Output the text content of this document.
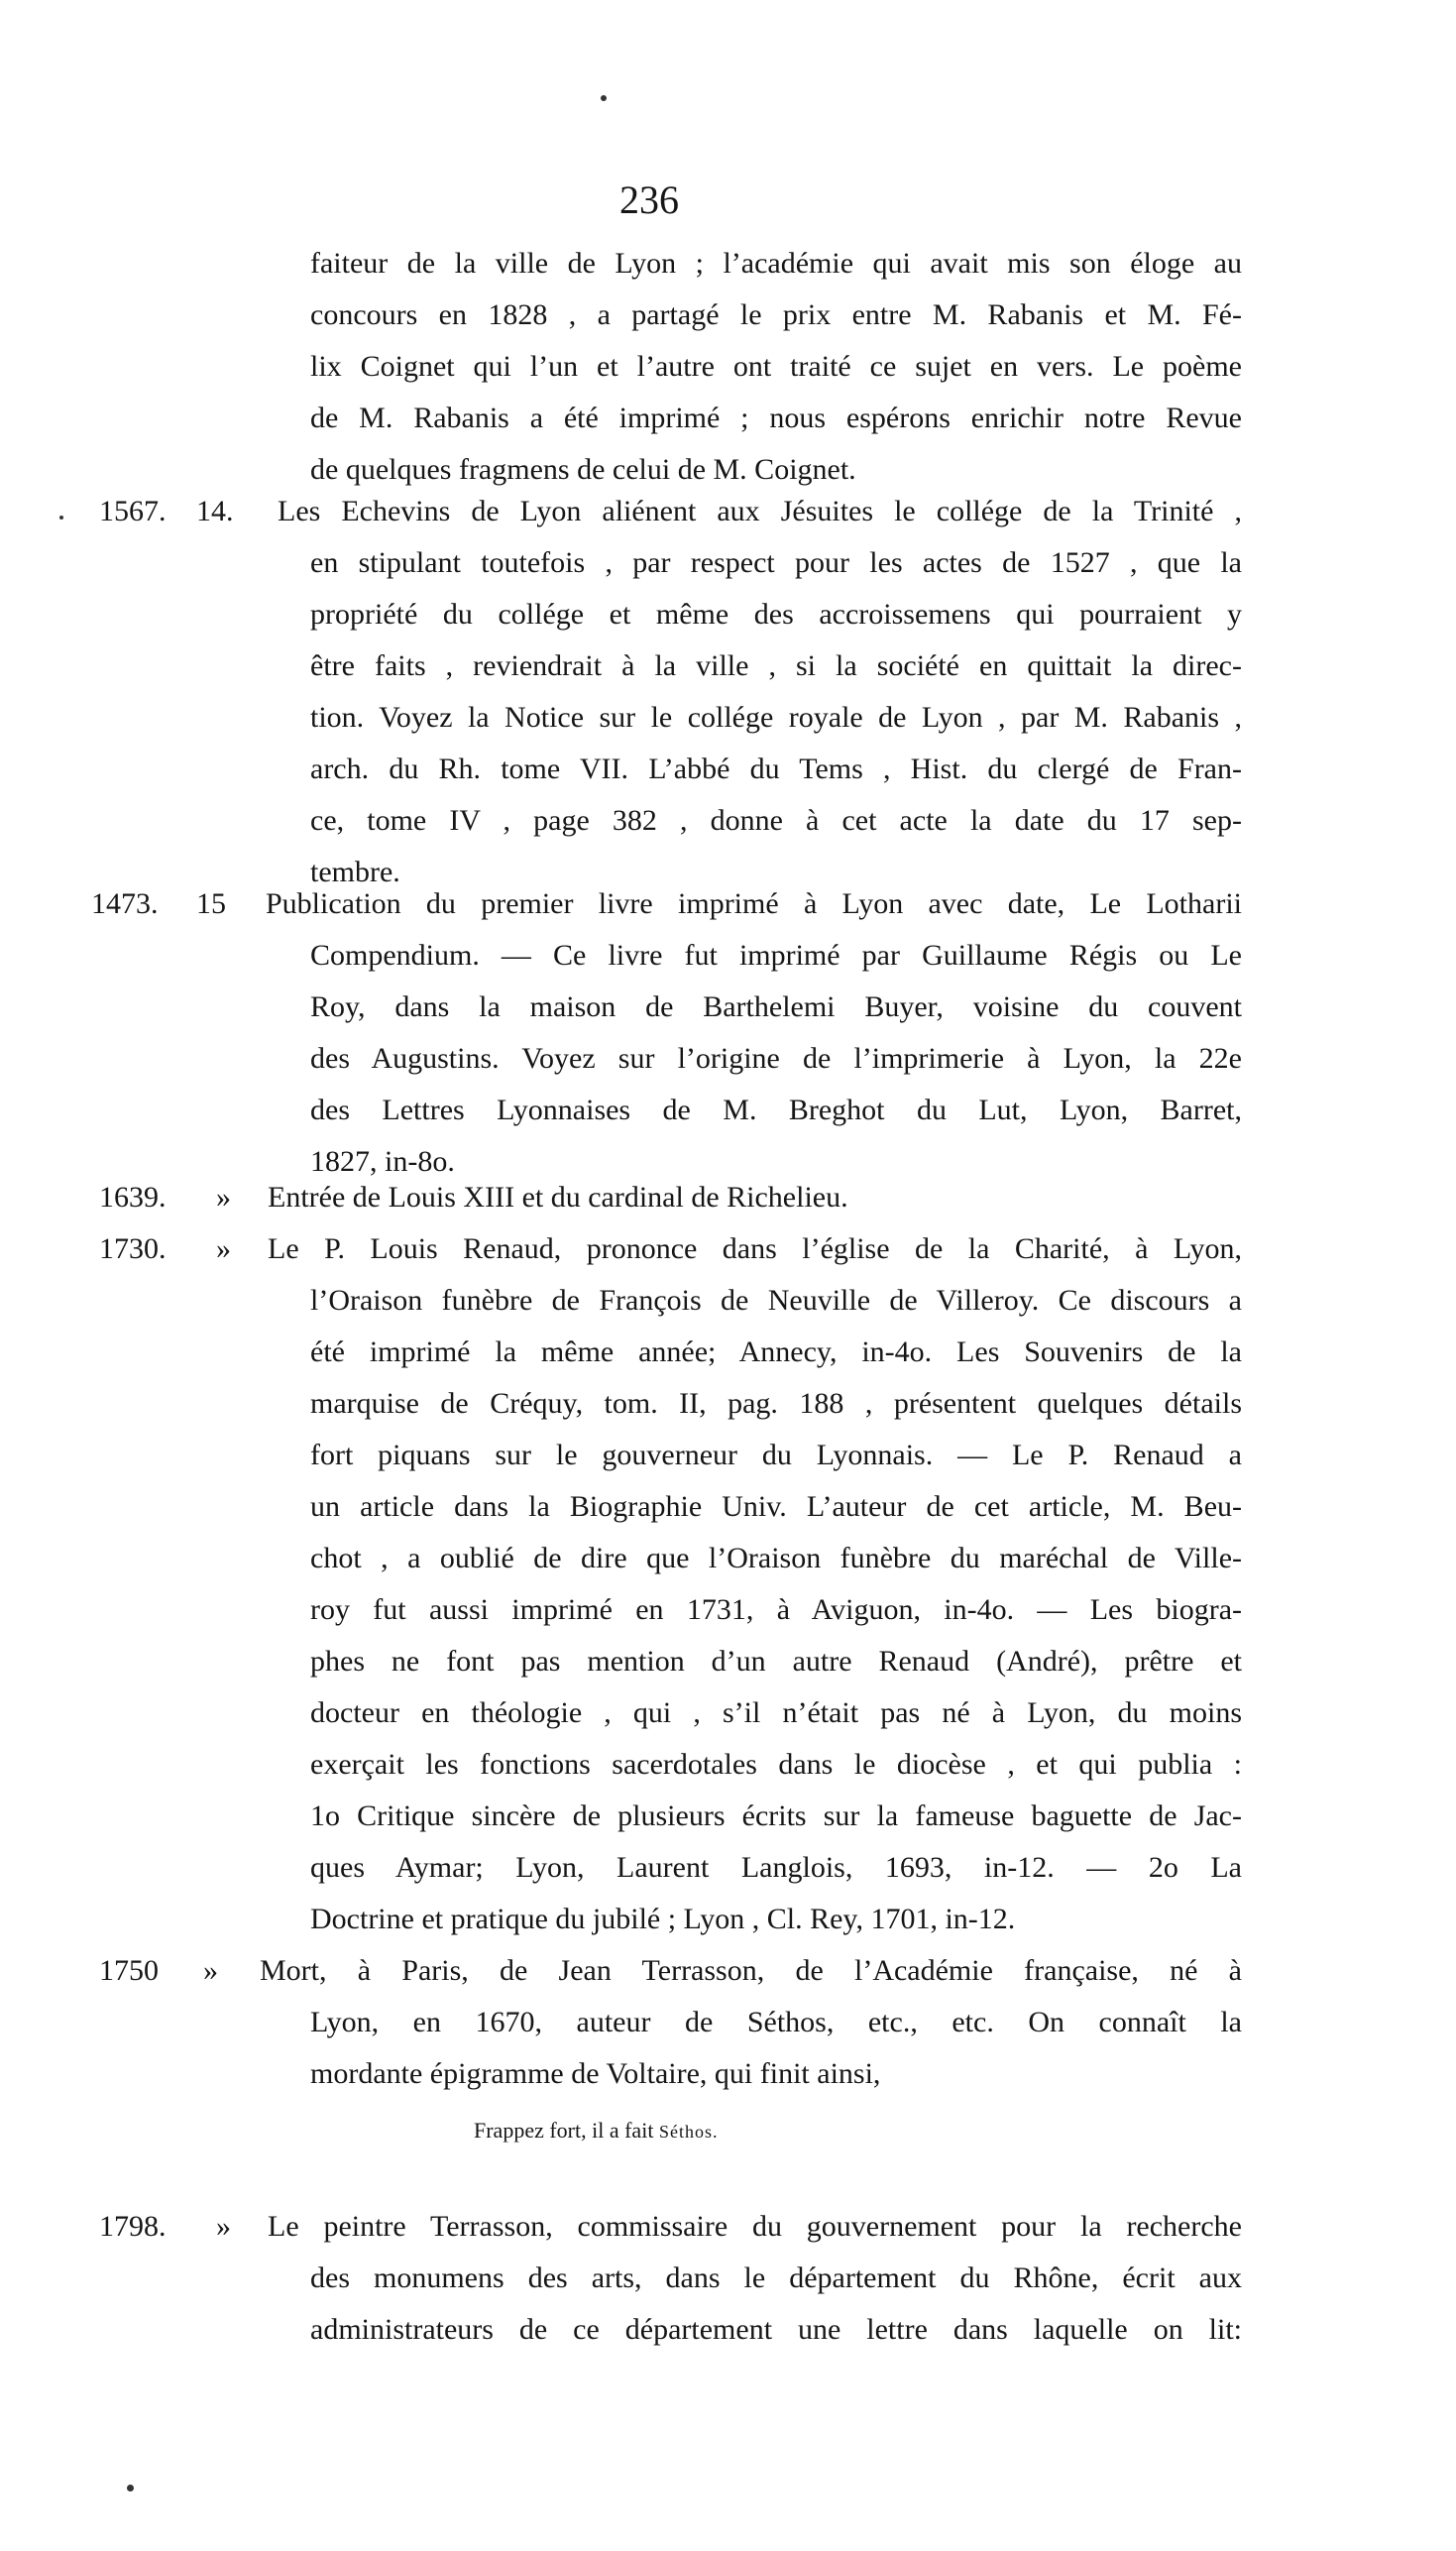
236
faiteur de la ville de Lyon ; l’académie qui avait mis son éloge au
concours en 1828 , a partagé le prix entre M. Rabanis et M. Fé-
lix Coignet qui l’un et l’autre ont traité ce sujet en vers. Le poème
de M. Rabanis a été imprimé ; nous espérons enrichir notre Revue
de quelques fragmens de celui de M. Coignet.
1567. 14. Les Echevins de Lyon aliénent aux Jésuites le collége de la Trinité ,
en stipulant toutefois , par respect pour les actes de 1527 , que la
propriété du collége et même des accroissemens qui pourraient y
être faits , reviendrait à la ville , si la société en quittait la direc-
tion. Voyez la Notice sur le collége royale de Lyon , par M. Rabanis ,
arch. du Rh. tome VII. L’abbé du Tems , Hist. du clergé de Fran-
ce, tome IV , page 382 , donne à cet acte la date du 17 sep-
tembre.
1473. 15 Publication du premier livre imprimé à Lyon avec date, Le Lotharii
Compendium. — Ce livre fut imprimé par Guillaume Régis ou Le
Roy, dans la maison de Barthelemi Buyer, voisine du couvent
des Augustins. Voyez sur l’origine de l’imprimerie à Lyon, la 22e
des Lettres Lyonnaises de M. Breghot du Lut, Lyon, Barret,
1827, in-8o.
1639. » Entrée de Louis XIII et du cardinal de Richelieu.
1730. » Le P. Louis Renaud, prononce dans l’église de la Charité, à Lyon,
l’Oraison funèbre de François de Neuville de Villeroy. Ce discours a
été imprimé la même année; Annecy, in-4o. Les Souvenirs de la
marquise de Créquy, tom. II, pag. 188 , présentent quelques détails
fort piquans sur le gouverneur du Lyonnais. — Le P. Renaud a
un article dans la Biographie Univ. L’auteur de cet article, M. Beu-
chot , a oublié de dire que l’Oraison funèbre du maréchal de Ville-
roy fut aussi imprimé en 1731, à Aviguon, in-4o. — Les biogra-
phes ne font pas mention d’un autre Renaud (André), prêtre et
docteur en théologie , qui , s’il n’était pas né à Lyon, du moins
exerçait les fonctions sacerdotales dans le diocèse , et qui publia :
1o Critique sincère de plusieurs écrits sur la fameuse baguette de Jac-
ques Aymar; Lyon, Laurent Langlois, 1693, in-12. — 2o La
Doctrine et pratique du jubilé ; Lyon , Cl. Rey, 1701, in-12.
1750 » Mort, à Paris, de Jean Terrasson, de l’Académie française, né à
Lyon, en 1670, auteur de Séthos, etc., etc. On connaît la
mordante épigramme de Voltaire, qui finit ainsi,
Frappez fort, il a fait Séthos.
1798. » Le peintre Terrasson, commissaire du gouvernement pour la recherche
des monumens des arts, dans le département du Rhône, écrit aux
administrateurs de ce département une lettre dans laquelle on lit:
